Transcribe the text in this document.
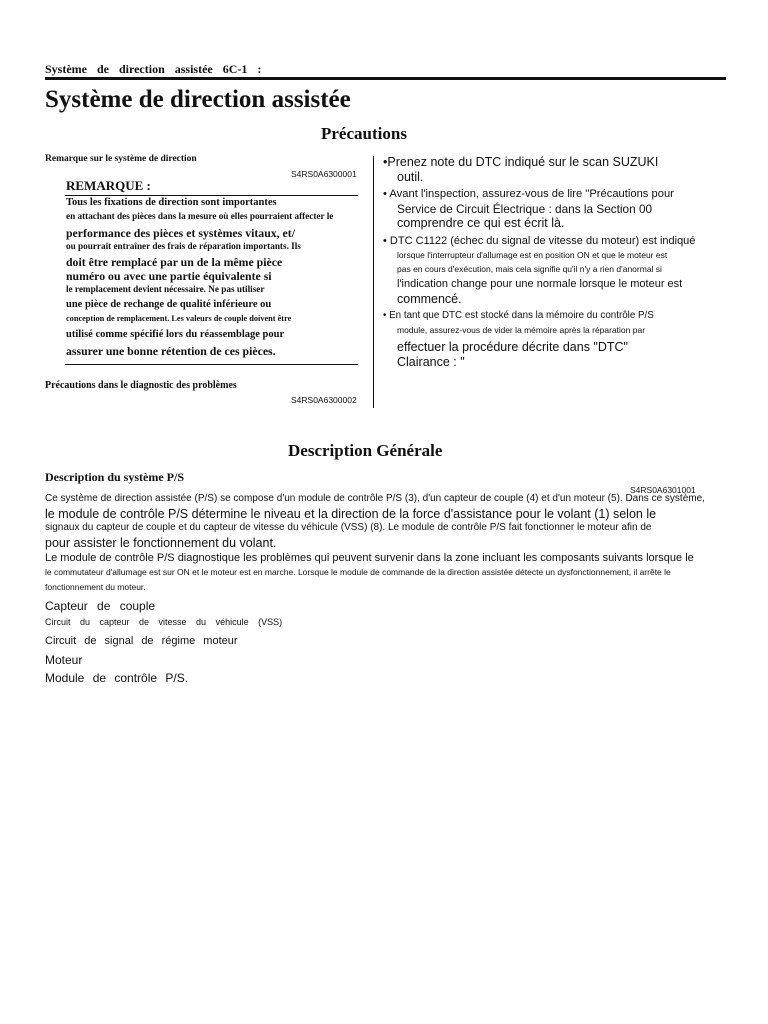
Système de direction assistée 6C-1 :
Système de direction assistée
Précautions
Remarque sur le système de direction
S4RS0A6300001
REMARQUE :
Tous les fixations de direction sont importantes
en attachant des pièces dans la mesure où elles pourraient affecter le
performance des pièces et systèmes vitaux, et/
ou pourrait entraîner des frais de réparation importants. Ils
doit être remplacé par un de la même pièce
numéro ou avec une partie équivalente si
le remplacement devient nécessaire. Ne pas utiliser
une pièce de rechange de qualité inférieure ou
conception de remplacement. Les valeurs de couple doivent être
utilisé comme spécifié lors du réassemblage pour
assurer une bonne rétention de ces pièces.
Précautions dans le diagnostic des problèmes
S4RS0A6300002
•Prenez note du DTC indiqué sur le scan SUZUKI
outil.
• Avant l'inspection, assurez-vous de lire "Précautions pour
Service de Circuit Électrique : dans la Section 00
comprendre ce qui est écrit là.
• DTC C1122 (échec du signal de vitesse du moteur) est indiqué
lorsque l'interrupteur d'allumage est en position ON et que le moteur est
pas en cours d'exécution, mais cela signifie qu'il n'y a rien d'anormal si
l'indication change pour une normale lorsque le moteur est
commencé.
• En tant que DTC est stocké dans la mémoire du contrôle P/S
module, assurez-vous de vider la mémoire après la réparation par
effectuer la procédure décrite dans "DTC"
Clairance : "
Description Générale
Description du système P/S
S4RS0A6301001
Ce système de direction assistée (P/S) se compose d'un module de contrôle P/S (3), d'un capteur de couple (4) et d'un moteur (5). Dans ce système,
le module de contrôle P/S détermine le niveau et la direction de la force d'assistance pour le volant (1) selon le
signaux du capteur de couple et du capteur de vitesse du véhicule (VSS) (8). Le module de contrôle P/S fait fonctionner le moteur afin de
pour assister le fonctionnement du volant.
Le module de contrôle P/S diagnostique les problèmes qui peuvent survenir dans la zone incluant les composants suivants lorsque le
le commutateur d'allumage est sur ON et le moteur est en marche. Lorsque le module de commande de la direction assistée détecte un dysfonctionnement, il arrête le
fonctionnement du moteur.
Capteur de couple
Circuit du capteur de vitesse du véhicule (VSS)
Circuit de signal de régime moteur
Moteur
Module de contrôle P/S.
